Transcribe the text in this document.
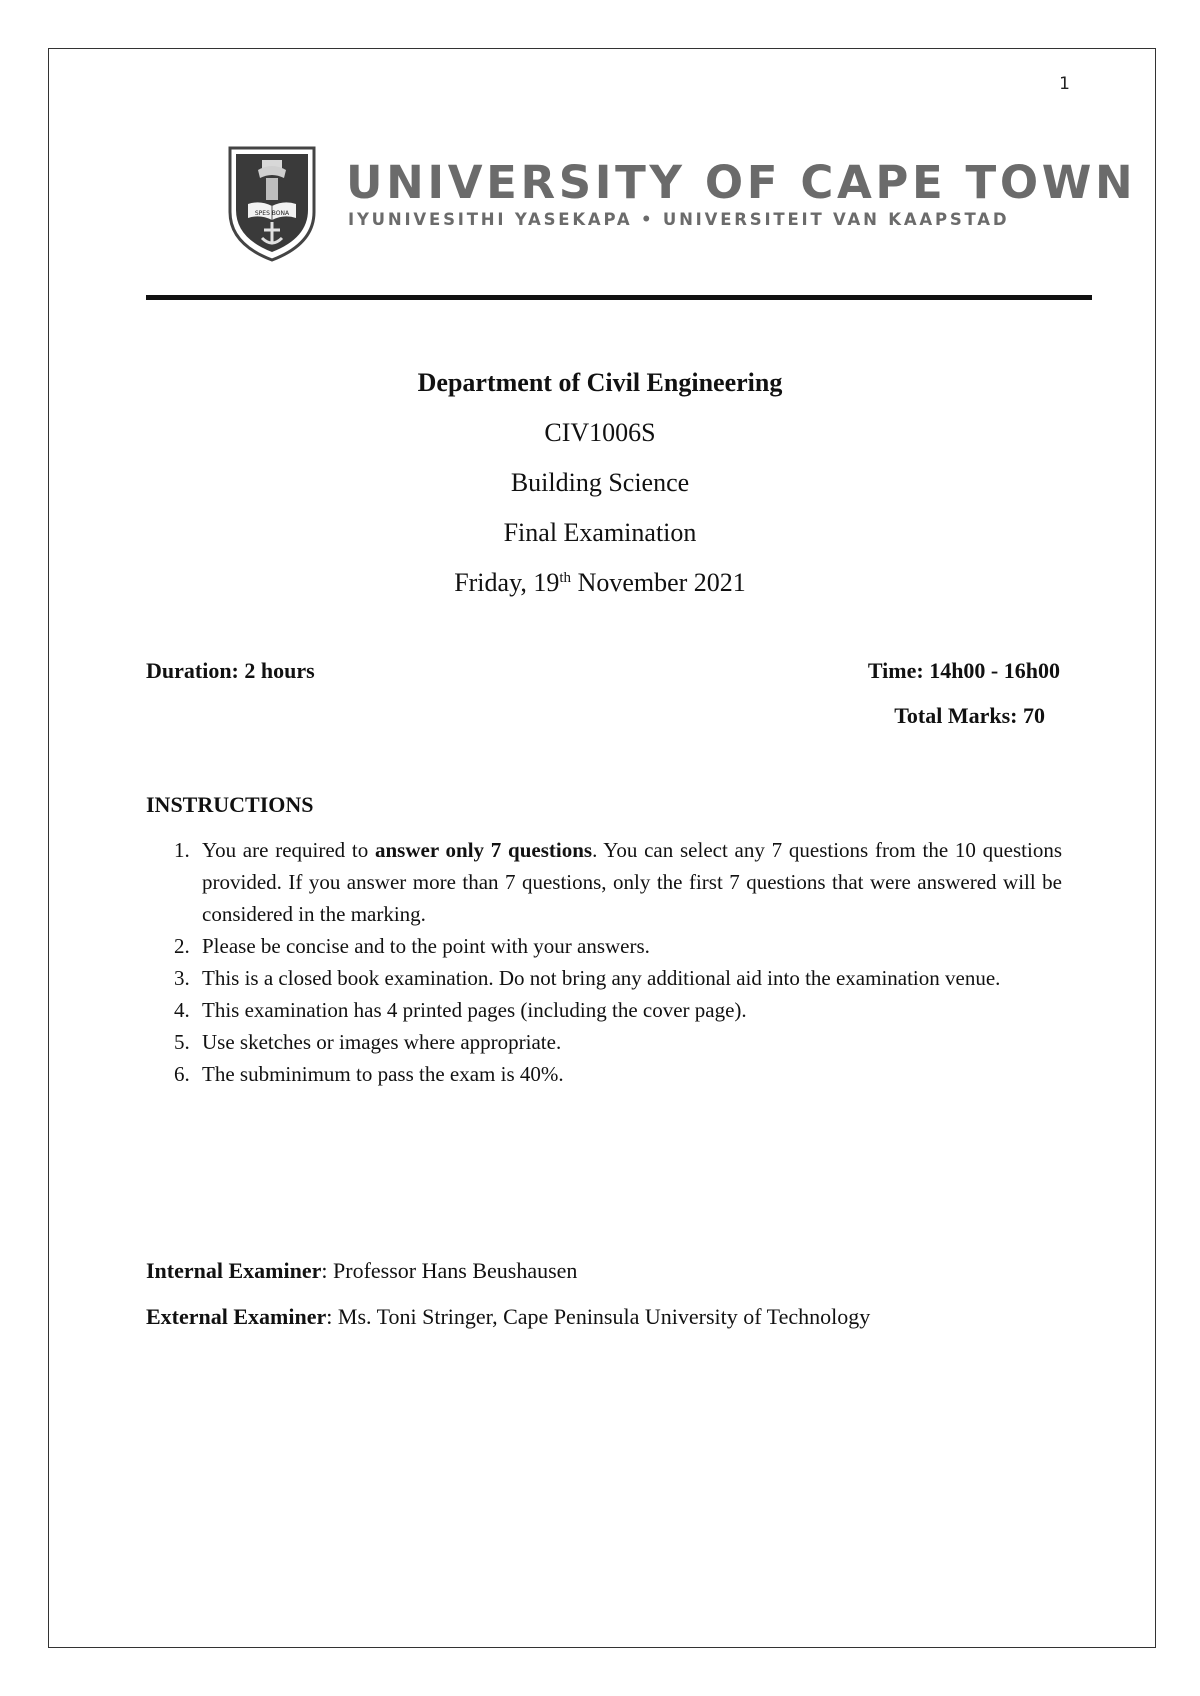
1
SPES BONA
UNIVERSITY OF CAPE TOWN
IYUNIVESITHI YASEKAPA • UNIVERSITEIT VAN KAAPSTAD
Department of Civil Engineering
CIV1006S
Building Science
Final Examination
Friday, 19th November 2021
Duration: 2 hours	Time: 14h00 - 16h00
Total Marks: 70
INSTRUCTIONS
1. You are required to answer only 7 questions. You can select any 7 questions from the 10 questions provided. If you answer more than 7 questions, only the first 7 questions that were answered will be considered in the marking.
2. Please be concise and to the point with your answers.
3. This is a closed book examination. Do not bring any additional aid into the examination venue.
4. This examination has 4 printed pages (including the cover page).
5. Use sketches or images where appropriate.
6. The subminimum to pass the exam is 40%.
Internal Examiner: Professor Hans Beushausen
External Examiner: Ms. Toni Stringer, Cape Peninsula University of Technology
